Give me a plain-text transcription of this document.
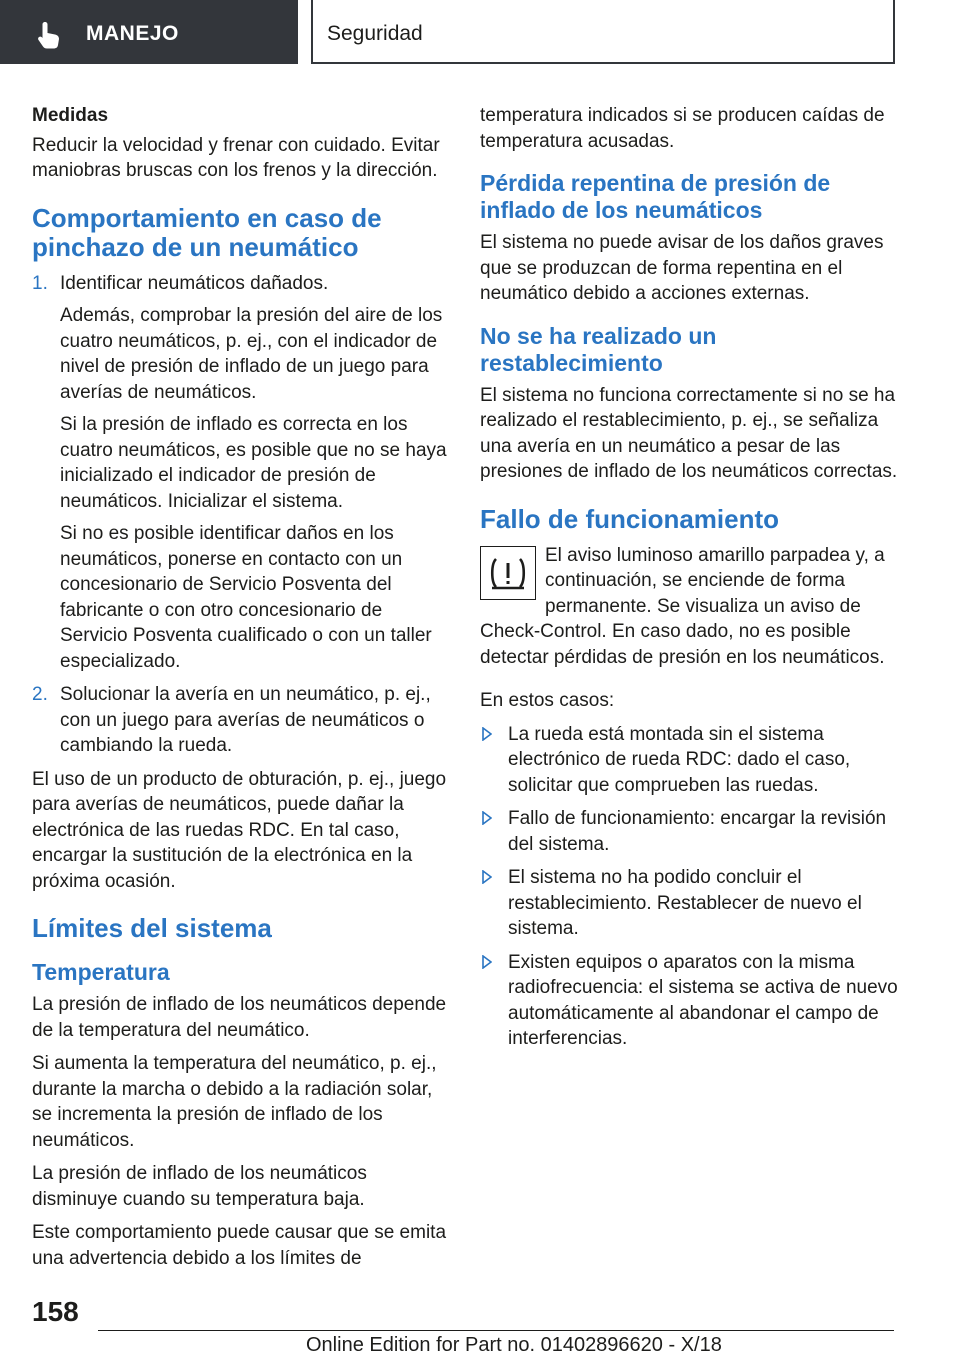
MANEJO	Seguridad

Medidas

Reducir la velocidad y frenar con cuidado. Evitar maniobras bruscas con los frenos y la dirección.

Comportamiento en caso de pinchazo de un neumático
1. Identificar neumáticos dañados.

Además, comprobar la presión del aire de los cuatro neumáticos, p. ej., con el indicador de nivel de presión de inflado de un juego para averías de neumáticos.

Si la presión de inflado es correcta en los cuatro neumáticos, es posible que no se haya inicializado el indicador de presión de neumáticos. Inicializar el sistema.

Si no es posible identificar daños en los neumáticos, ponerse en contacto con un concesionario de Servicio Posventa del fabricante o con otro concesionario de Servicio Posventa cualificado o con un taller especializado.

2. Solucionar la avería en un neumático, p. ej., con un juego para averías de neumáticos o cambiando la rueda.

El uso de un producto de obturación, p. ej., juego para averías de neumáticos, puede dañar la electrónica de las ruedas RDC. En tal caso, encargar la sustitución de la electrónica en la próxima ocasión.

Límites del sistema
Temperatura

La presión de inflado de los neumáticos depende de la temperatura del neumático.

Si aumenta la temperatura del neumático, p. ej., durante la marcha o debido a la radiación solar, se incrementa la presión de inflado de los neumáticos.

La presión de inflado de los neumáticos disminuye cuando su temperatura baja.

Este comportamiento puede causar que se emita una advertencia debido a los límites de

temperatura indicados si se producen caídas de temperatura acusadas.

Pérdida repentina de presión de inflado de los neumáticos

El sistema no puede avisar de los daños graves que se produzcan de forma repentina en el neumático debido a acciones externas.

No se ha realizado un restablecimiento

El sistema no funciona correctamente si no se ha realizado el restablecimiento, p. ej., se señaliza una avería en un neumático a pesar de las presiones de inflado de los neumáticos correctas.

Fallo de funcionamiento

El aviso luminoso amarillo parpadea y, a continuación, se enciende de forma permanente. Se visualiza un aviso de Check-Control. En caso dado, no es posible detectar pérdidas de presión en los neumáticos.

En estos casos:

La rueda está montada sin el sistema electrónico de rueda RDC: dado el caso, solicitar que comprueben las ruedas.
Fallo de funcionamiento: encargar la revisión del sistema.
El sistema no ha podido concluir el restablecimiento. Restablecer de nuevo el sistema.
Existen equipos o aparatos con la misma radiofrecuencia: el sistema se activa de nuevo automáticamente al abandonar el campo de interferencias.
158
Online Edition for Part no. 01402896620 - X/18
